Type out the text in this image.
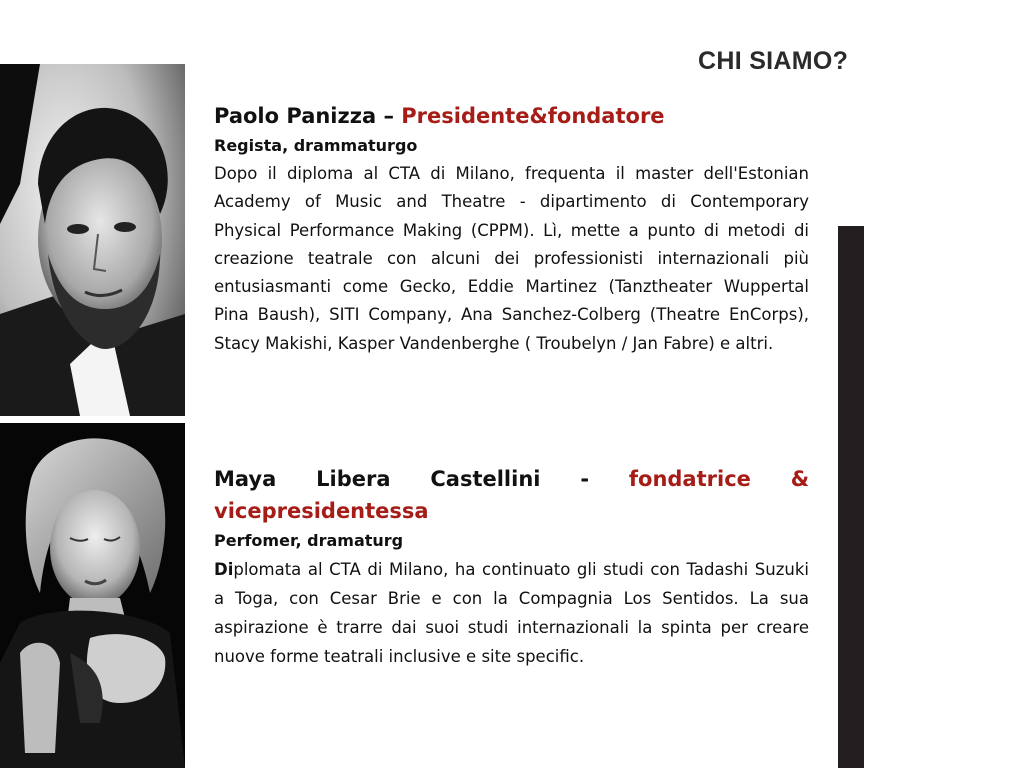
CHI SIAMO?

Paolo Panizza – Presidente&fondatore

Regista, drammaturgo

Dopo il diploma al CTA di Milano, frequenta il master dell'Estonian Academy of Music and Theatre - dipartimento di Contemporary Physical Performance Making (CPPM). Lì, mette a punto di metodi di creazione teatrale con alcuni dei professionisti internazionali più entusiasmanti come Gecko, Eddie Martinez (Tanztheater Wuppertal Pina Baush), SITI Company, Ana Sanchez-Colberg (Theatre EnCorps), Stacy Makishi, Kasper Vandenberghe ( Troubelyn / Jan Fabre) e altri.

Maya Libera Castellini - fondatrice &

vicepresidentessa

Perfomer, dramaturg

Diplomata al CTA di Milano, ha continuato gli studi con Tadashi Suzuki a Toga, con Cesar Brie e con la Compagnia Los Sentidos. La sua aspirazione è trarre dai suoi studi internazionali la spinta per creare nuove forme teatrali inclusive e site specific.
